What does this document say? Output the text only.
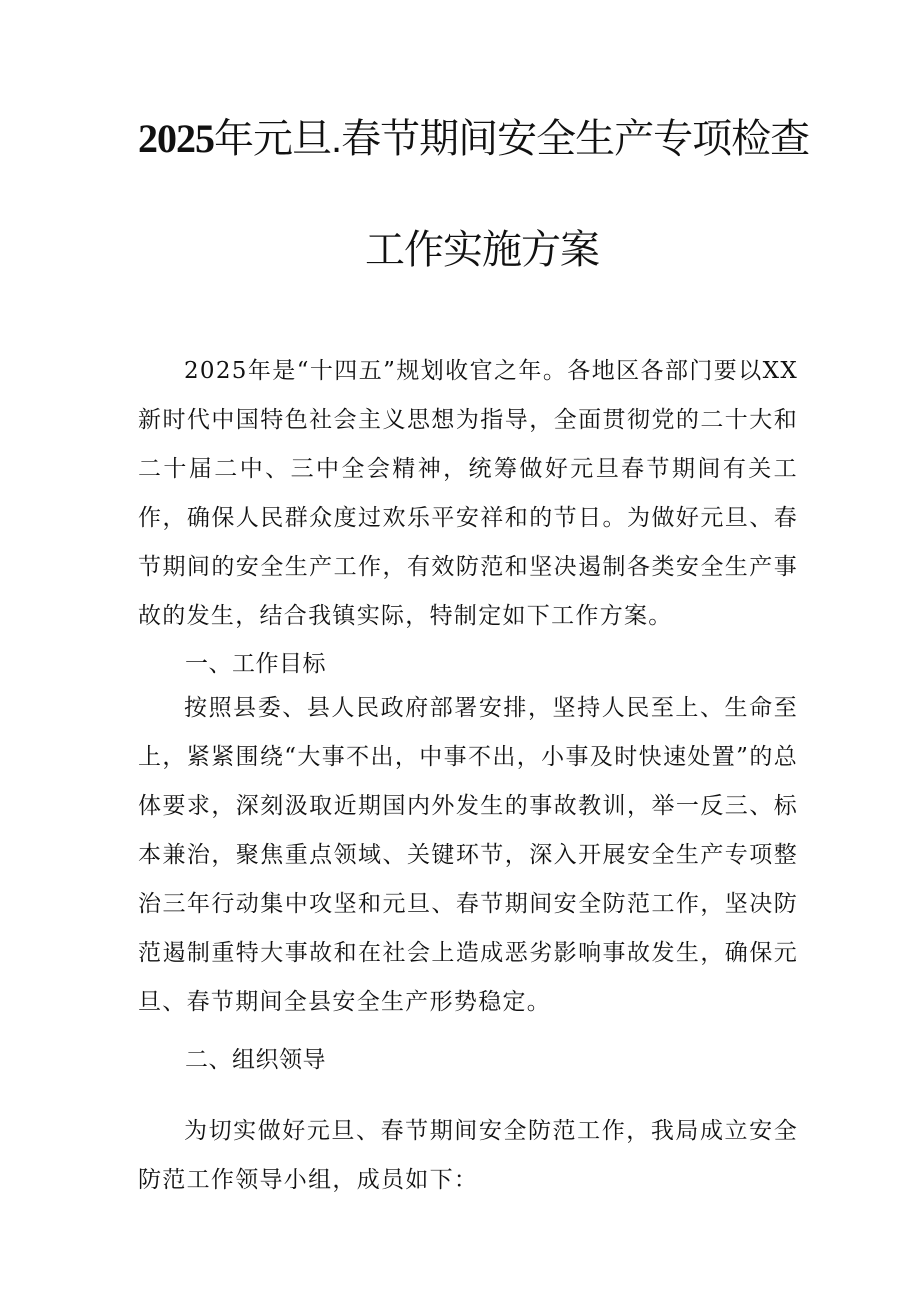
2025年元旦.春节期间安全生产专项检查
工作实施方案

2025年是“十四五”规划收官之年。各地区各部门要以XX新时代中国特色社会主义思想为指导，全面贯彻党的二十大和二十届二中、三中全会精神，统筹做好元旦春节期间有关工作，确保人民群众度过欢乐平安祥和的节日。为做好元旦、春节期间的安全生产工作，有效防范和坚决遏制各类安全生产事故的发生，结合我镇实际，特制定如下工作方案。

一、工作目标

按照县委、县人民政府部署安排，坚持人民至上、生命至上，紧紧围绕“大事不出，中事不出，小事及时快速处置”的总体要求，深刻汲取近期国内外发生的事故教训，举一反三、标本兼治，聚焦重点领域、关键环节，深入开展安全生产专项整治三年行动集中攻坚和元旦、春节期间安全防范工作，坚决防范遏制重特大事故和在社会上造成恶劣影响事故发生，确保元旦、春节期间全县安全生产形势稳定。

二、组织领导

为切实做好元旦、春节期间安全防范工作，我局成立安全防范工作领导小组，成员如下：
